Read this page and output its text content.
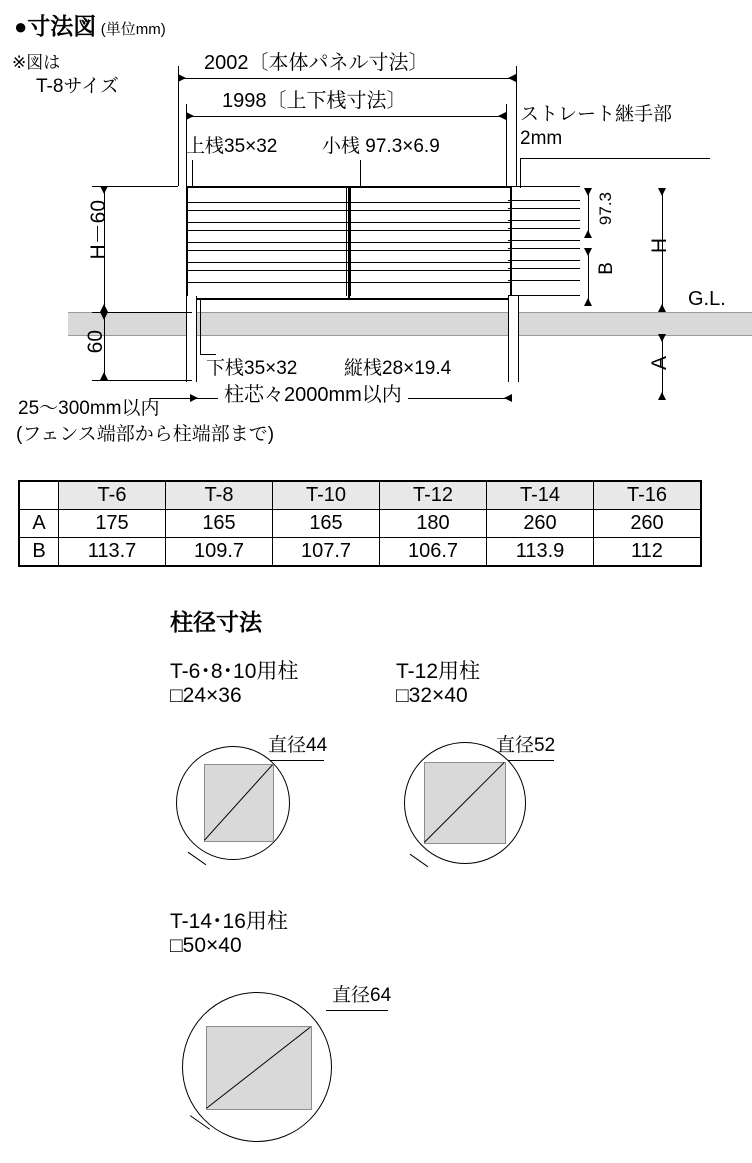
●寸法図 (単位mm)
※図は
T-8サイズ
2002〔本体パネル寸法〕
1998〔上下桟寸法〕
上桟35×32 小桟 97.3×6.9
ストレート継手部
2mm
G.L.
H－60
60
97.3
B
H
A
下桟35×32 縦桟28×19.4
柱芯々2000mm以内
25〜300mm以内
(フェンス端部から柱端部まで)
	T-6	T-8	T-10	T-12	T-14	T-16
A	175	165	165	180	260	260
B	113.7	109.7	107.7	106.7	113.9	112
柱径寸法
T-6･8･10用柱
□24×36
直径44
T-12用柱
□32×40
直径52
T-14･16用柱
□50×40
直径64
